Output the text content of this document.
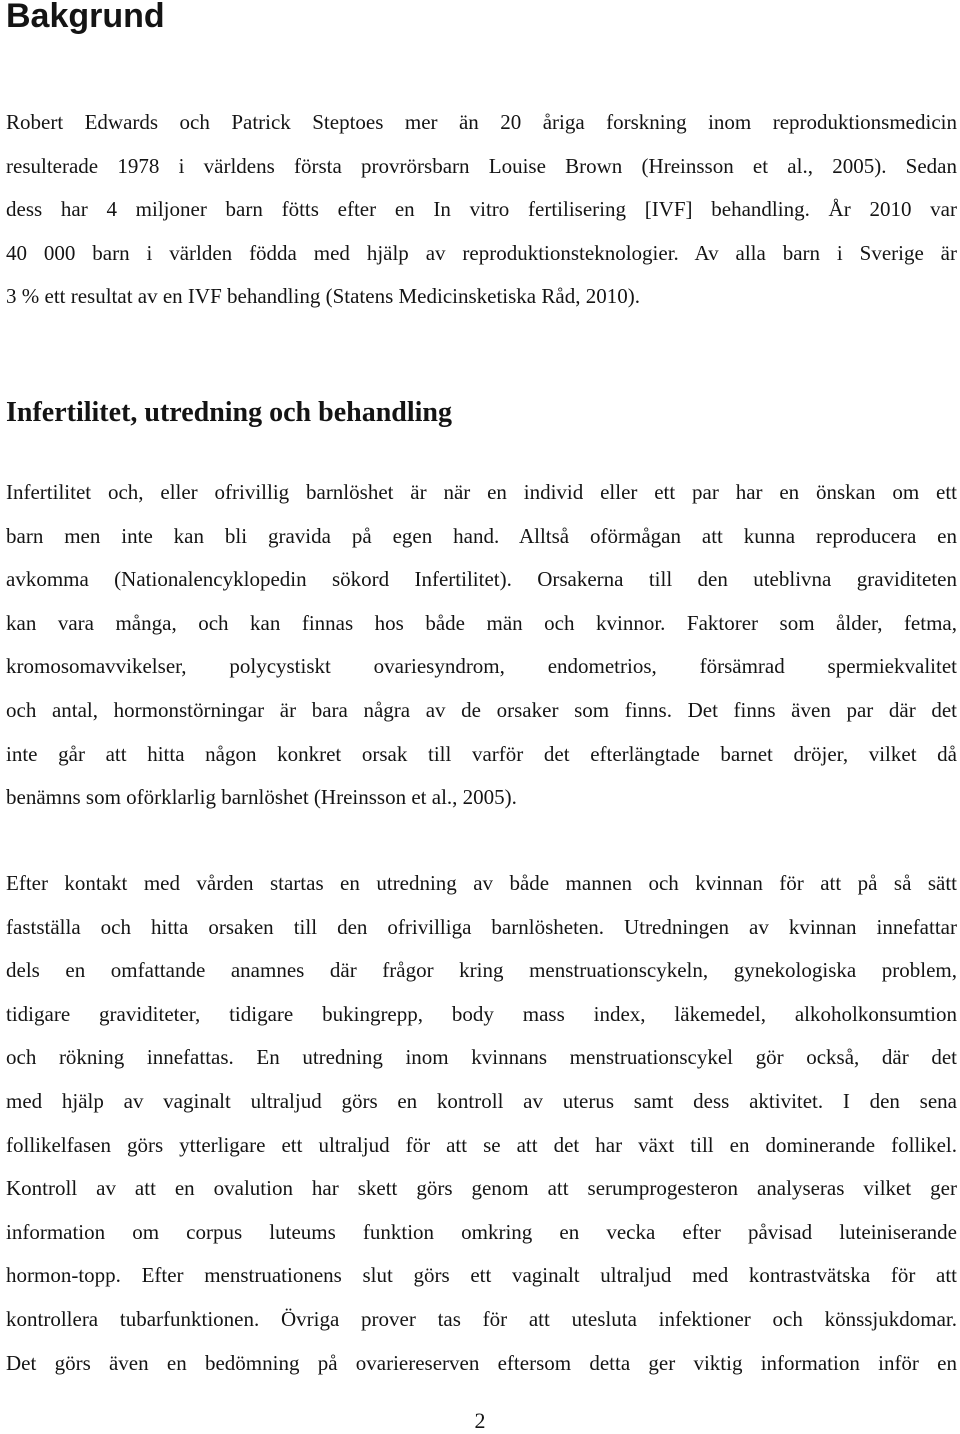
Bakgrund
Robert Edwards och Patrick Steptoes mer än 20 åriga forskning inom reproduktionsmedicin
resulterade 1978 i världens första provrörsbarn Louise Brown (Hreinsson et al., 2005). Sedan
dess har 4 miljoner barn fötts efter en In vitro fertilisering [IVF] behandling. År 2010 var
40 000 barn i världen födda med hjälp av reproduktionsteknologier. Av alla barn i Sverige är
3 % ett resultat av en IVF behandling (Statens Medicinsketiska Råd, 2010).
Infertilitet, utredning och behandling
Infertilitet och, eller ofrivillig barnlöshet är när en individ eller ett par har en önskan om ett
barn men inte kan bli gravida på egen hand. Alltså oförmågan att kunna reproducera en
avkomma (Nationalencyklopedin sökord Infertilitet). Orsakerna till den uteblivna graviditeten
kan vara många, och kan finnas hos både män och kvinnor. Faktorer som ålder, fetma,
kromosomavvikelser, polycystiskt ovariesyndrom, endometrios, försämrad spermiekvalitet
och antal, hormonstörningar är bara några av de orsaker som finns. Det finns även par där det
inte går att hitta någon konkret orsak till varför det efterlängtade barnet dröjer, vilket då
benämns som oförklarlig barnlöshet (Hreinsson et al., 2005).
Efter kontakt med vården startas en utredning av både mannen och kvinnan för att på så sätt
fastställa och hitta orsaken till den ofrivilliga barnlösheten. Utredningen av kvinnan innefattar
dels en omfattande anamnes där frågor kring menstruationscykeln, gynekologiska problem,
tidigare graviditeter, tidigare bukingrepp, body mass index, läkemedel, alkoholkonsumtion
och rökning innefattas. En utredning inom kvinnans menstruationscykel gör också, där det
med hjälp av vaginalt ultraljud görs en kontroll av uterus samt dess aktivitet. I den sena
follikelfasen görs ytterligare ett ultraljud för att se att det har växt till en dominerande follikel.
Kontroll av att en ovalution har skett görs genom att serumprogesteron analyseras vilket ger
information om corpus luteums funktion omkring en vecka efter påvisad luteiniserande
hormon-topp. Efter menstruationens slut görs ett vaginalt ultraljud med kontrastvätska för att
kontrollera tubarfunktionen. Övriga prover tas för att utesluta infektioner och könssjukdomar.
Det görs även en bedömning på ovariereserven eftersom detta ger viktig information inför en
2
